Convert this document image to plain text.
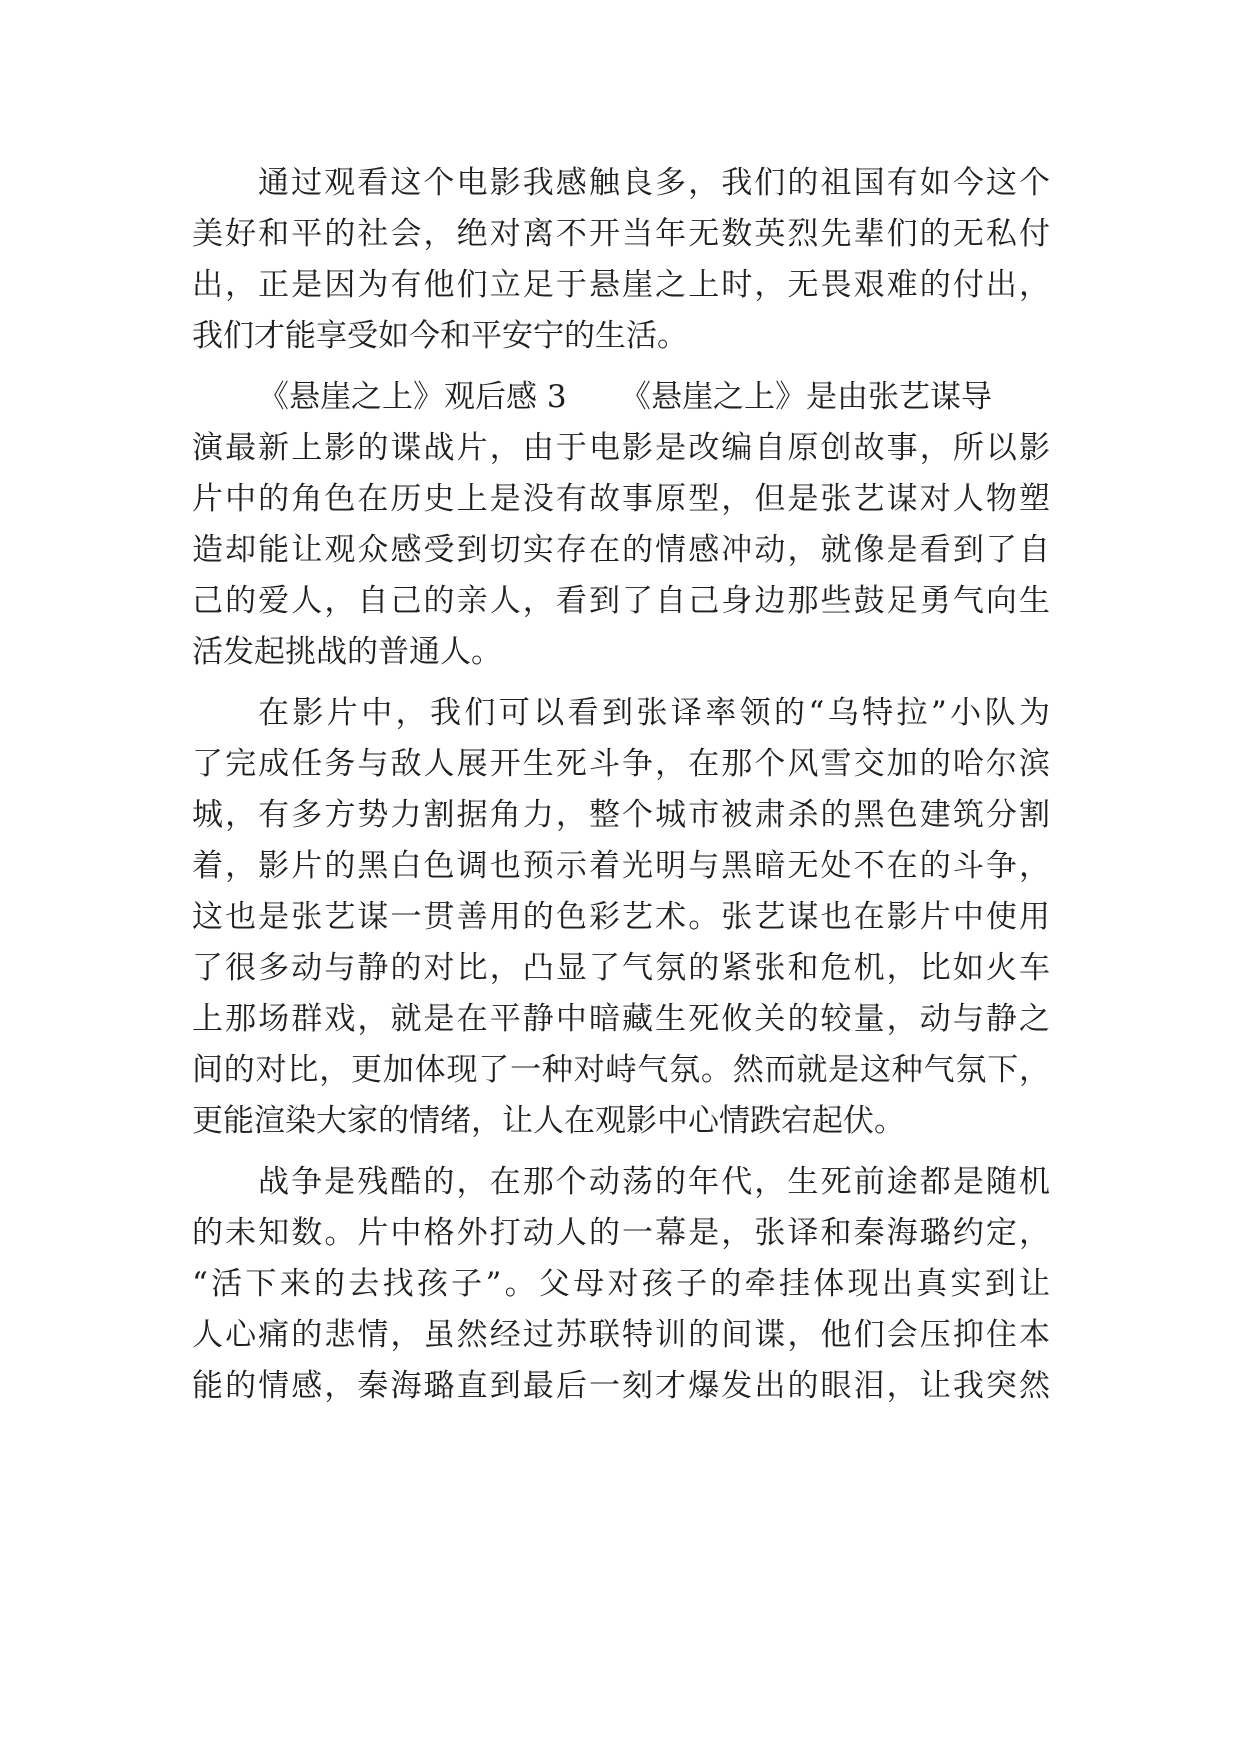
通过观看这个电影我感触良多，我们的祖国有如今这个
美好和平的社会，绝对离不开当年无数英烈先辈们的无私付
出，正是因为有他们立足于悬崖之上时，无畏艰难的付出，
我们才能享受如今和平安宁的生活。
《悬崖之上》观后感 3 《悬崖之上》是由张艺谋导
演最新上影的谍战片，由于电影是改编自原创故事，所以影
片中的角色在历史上是没有故事原型，但是张艺谋对人物塑
造却能让观众感受到切实存在的情感冲动，就像是看到了自
己的爱人，自己的亲人，看到了自己身边那些鼓足勇气向生
活发起挑战的普通人。
在影片中，我们可以看到张译率领的“乌特拉”小队为
了完成任务与敌人展开生死斗争，在那个风雪交加的哈尔滨
城，有多方势力割据角力，整个城市被肃杀的黑色建筑分割
着，影片的黑白色调也预示着光明与黑暗无处不在的斗争，
这也是张艺谋一贯善用的色彩艺术。张艺谋也在影片中使用
了很多动与静的对比，凸显了气氛的紧张和危机，比如火车
上那场群戏，就是在平静中暗藏生死攸关的较量，动与静之
间的对比，更加体现了一种对峙气氛。然而就是这种气氛下，
更能渲染大家的情绪，让人在观影中心情跌宕起伏。
战争是残酷的，在那个动荡的年代，生死前途都是随机
的未知数。片中格外打动人的一幕是，张译和秦海璐约定，
“活下来的去找孩子”。父母对孩子的牵挂体现出真实到让
人心痛的悲情，虽然经过苏联特训的间谍，他们会压抑住本
能的情感，秦海璐直到最后一刻才爆发出的眼泪，让我突然
